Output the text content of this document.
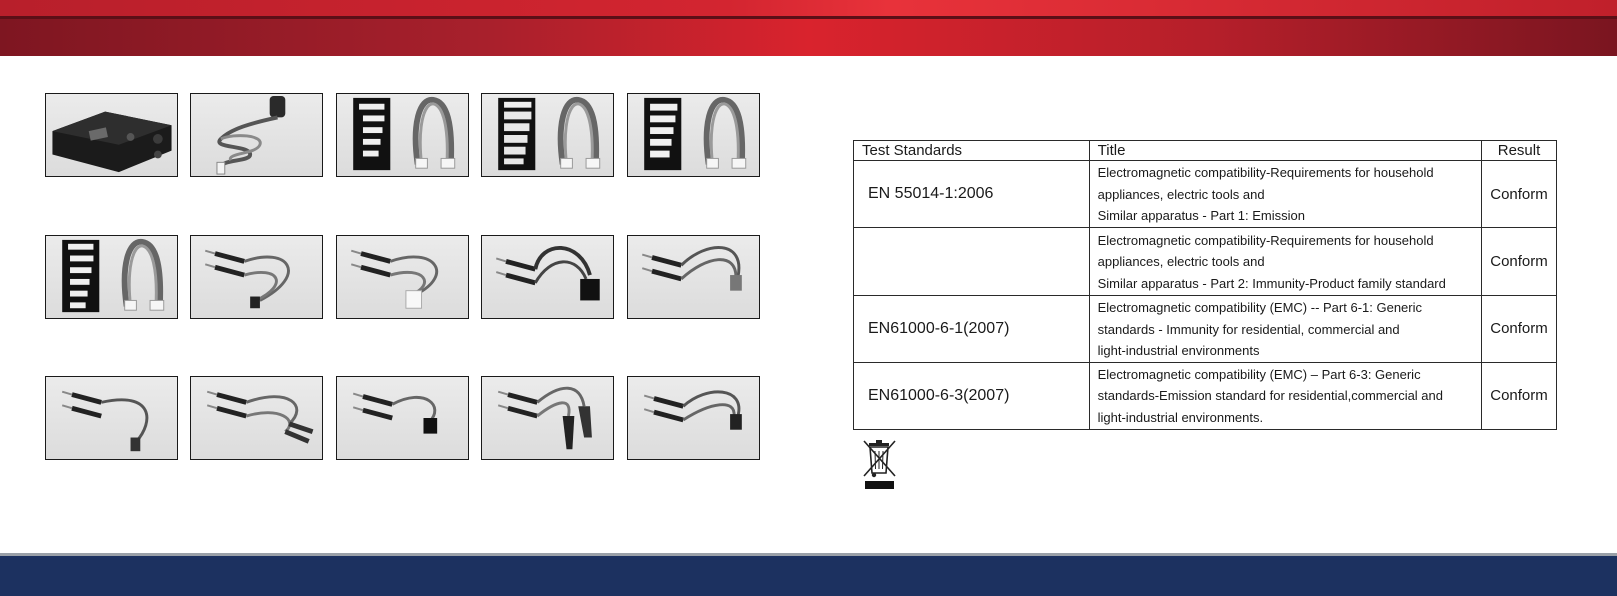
Test Standards	Title	Result
EN 55014-1:2006	Electromagnetic compatibility-Requirements for household
appliances, electric tools and
Similar apparatus - Part 1: Emission	Conform

	Electromagnetic compatibility-Requirements for household
appliances, electric tools and
Similar apparatus - Part 2: Immunity-Product family standard	Conform
EN61000-6-1(2007)	Electromagnetic compatibility (EMC) -- Part 6-1: Generic
standards - Immunity for residential, commercial and
light-industrial environments	Conform
EN61000-6-3(2007)	Electromagnetic compatibility (EMC) – Part 6-3: Generic
standards-Emission standard for residential,commercial and
light-industrial environments.	Conform
